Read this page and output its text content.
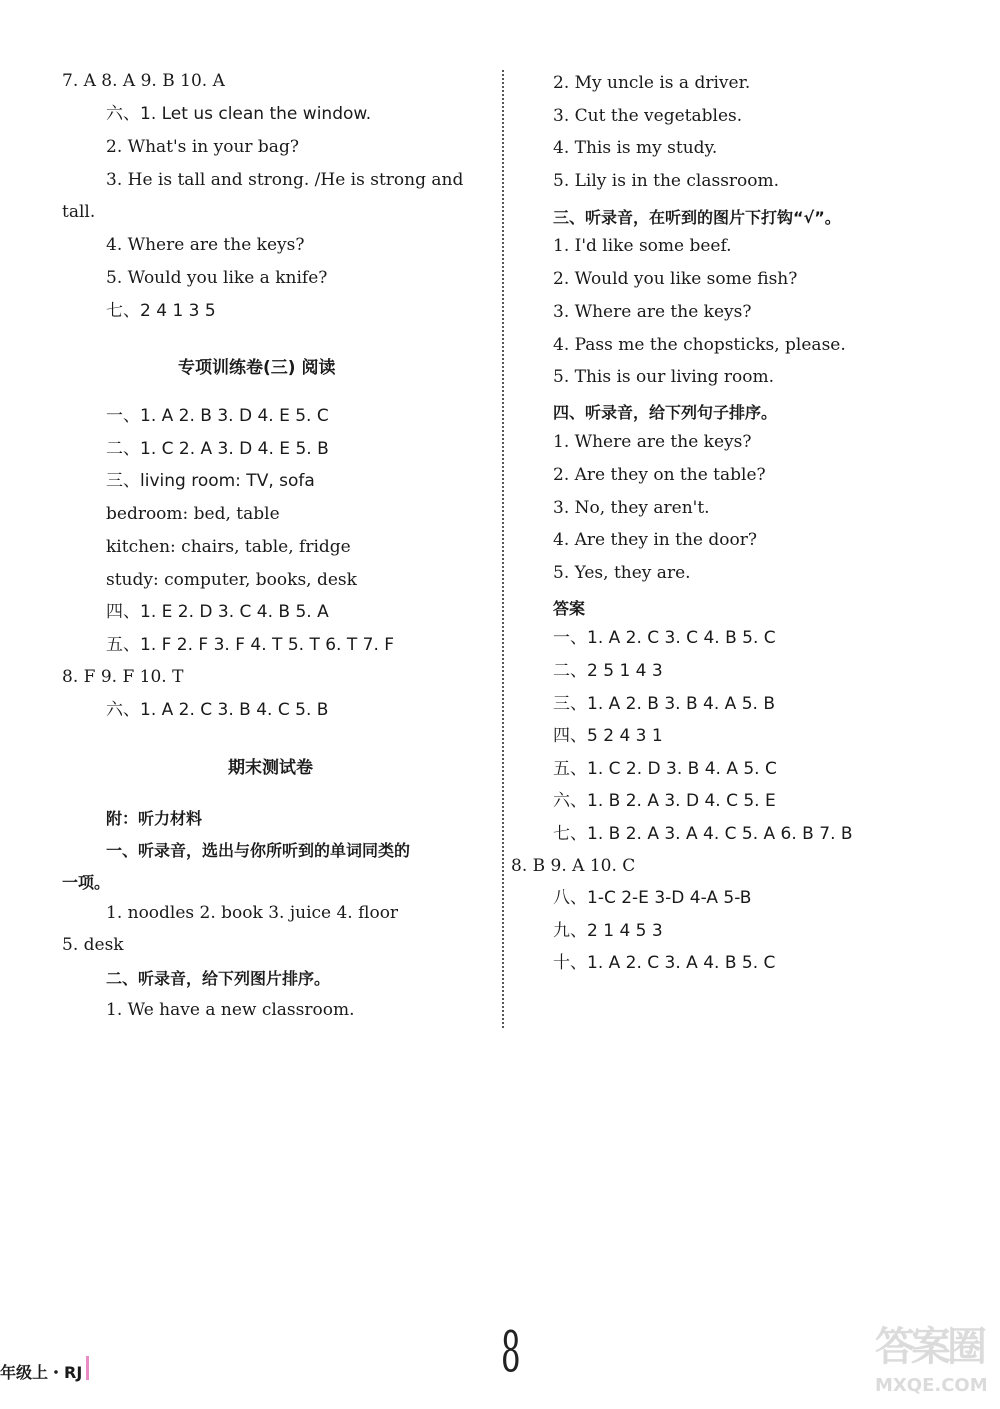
7. A 8. A 9. B 10. A
六、1. Let us clean the window.
2. What's in your bag?
3. He is tall and strong. /He is strong and
tall.
4. Where are the keys?
5. Would you like a knife?
七、2 4 1 3 5
专项训练卷(三) 阅读
一、1. A 2. B 3. D 4. E 5. C
二、1. C 2. A 3. D 4. E 5. B
三、living room: TV, sofa
bedroom: bed, table
kitchen: chairs, table, fridge
study: computer, books, desk
四、1. E 2. D 3. C 4. B 5. A
五、1. F 2. F 3. F 4. T 5. T 6. T 7. F
8. F 9. F 10. T
六、1. A 2. C 3. B 4. C 5. B
期末测试卷
附：听力材料
一、听录音，选出与你所听到的单词同类的
一项。
1. noodles 2. book 3. juice 4. floor
5. desk
二、听录音，给下列图片排序。
1. We have a new classroom.
2. My uncle is a driver.
3. Cut the vegetables.
4. This is my study.
5. Lily is in the classroom.
三、听录音，在听到的图片下打钩“√”。
1. I'd like some beef.
2. Would you like some fish?
3. Where are the keys?
4. Pass me the chopsticks, please.
5. This is our living room.
四、听录音，给下列句子排序。
1. Where are the keys?
2. Are they on the table?
3. No, they aren't.
4. Are they in the door?
5. Yes, they are.
答案
一、1. A 2. C 3. C 4. B 5. C
二、2 5 1 4 3
三、1. A 2. B 3. B 4. A 5. B
四、5 2 4 3 1
五、1. C 2. D 3. B 4. A 5. C
六、1. B 2. A 3. D 4. C 5. E
七、1. B 2. A 3. A 4. C 5. A 6. B 7. B
8. B 9. A 10. C
八、1-C 2-E 3-D 4-A 5-B
九、2 1 4 5 3
十、1. A 2. C 3. A 4. B 5. C
年级上・RJ	8	答案圈
MXQE.COM
